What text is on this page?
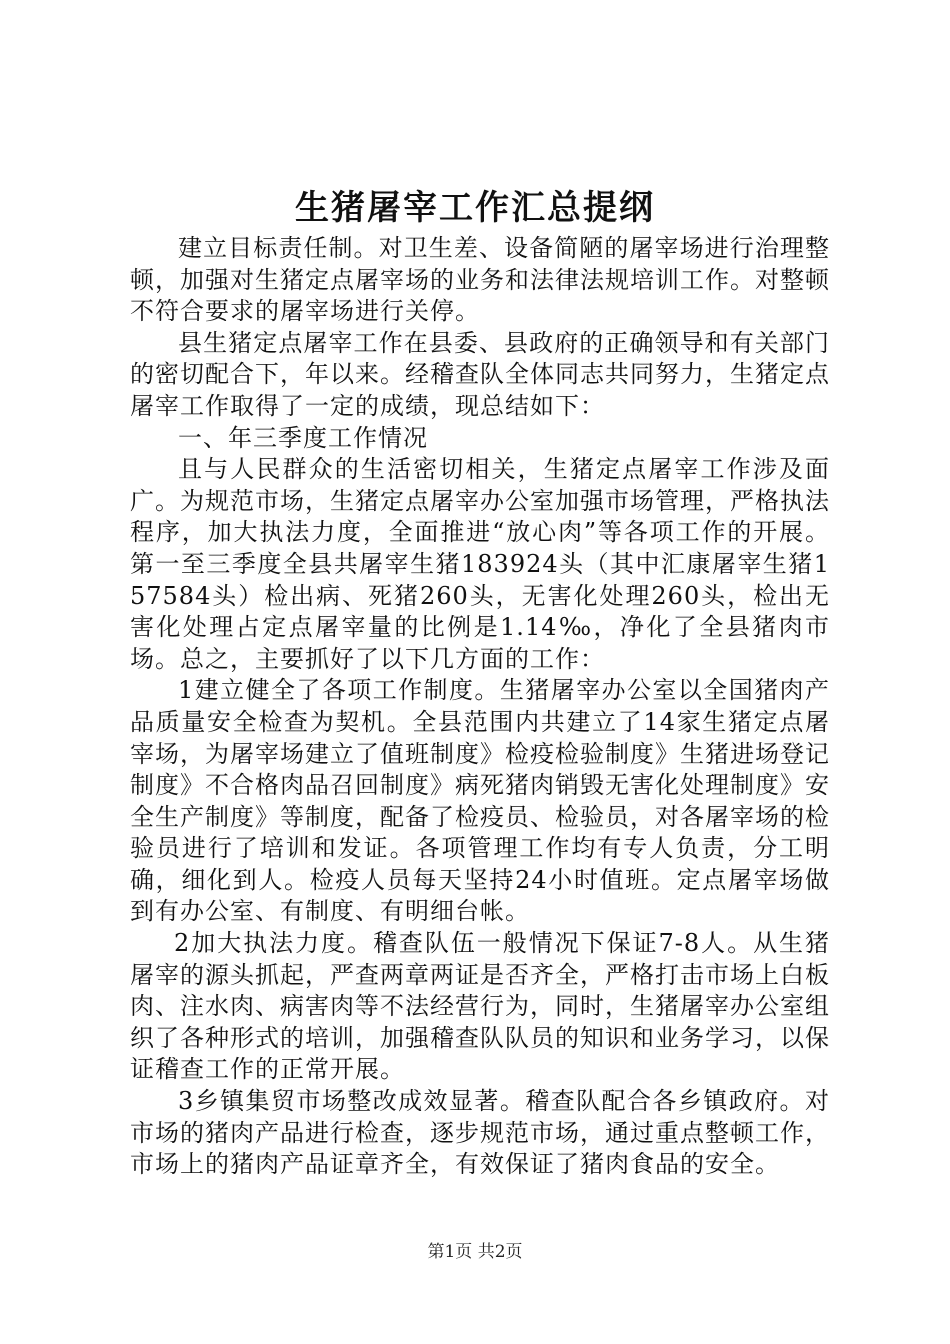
生猪屠宰工作汇总提纲

建立目标责任制。对卫生差、设备简陋的屠宰场进行治理整顿，加强对生猪定点屠宰场的业务和法律法规培训工作。对整顿不符合要求的屠宰场进行关停。

县生猪定点屠宰工作在县委、县政府的正确领导和有关部门的密切配合下，年以来。经稽查队全体同志共同努力，生猪定点屠宰工作取得了一定的成绩，现总结如下：

一、年三季度工作情况

且与人民群众的生活密切相关，生猪定点屠宰工作涉及面广。为规范市场，生猪定点屠宰办公室加强市场管理，严格执法程序，加大执法力度，全面推进“放心肉”等各项工作的开展。第一至三季度全县共屠宰生猪183924头（其中汇康屠宰生猪157584头）检出病、死猪260头，无害化处理260头，检出无害化处理占定点屠宰量的比例是1.14‰，净化了全县猪肉市场。总之，主要抓好了以下几方面的工作：

1建立健全了各项工作制度。生猪屠宰办公室以全国猪肉产品质量安全检查为契机。全县范围内共建立了14家生猪定点屠宰场，为屠宰场建立了值班制度》检疫检验制度》生猪进场登记制度》不合格肉品召回制度》病死猪肉销毁无害化处理制度》安全生产制度》等制度，配备了检疫员、检验员，对各屠宰场的检验员进行了培训和发证。各项管理工作均有专人负责，分工明确，细化到人。检疫人员每天坚持24小时值班。定点屠宰场做到有办公室、有制度、有明细台帐。

2加大执法力度。稽查队伍一般情况下保证7-8人。从生猪屠宰的源头抓起，严查两章两证是否齐全，严格打击市场上白板肉、注水肉、病害肉等不法经营行为，同时，生猪屠宰办公室组织了各种形式的培训，加强稽查队队员的知识和业务学习，以保证稽查工作的正常开展。

3乡镇集贸市场整改成效显著。稽查队配合各乡镇政府。对市场的猪肉产品进行检查，逐步规范市场，通过重点整顿工作，市场上的猪肉产品证章齐全，有效保证了猪肉食品的安全。

第1页 共2页
